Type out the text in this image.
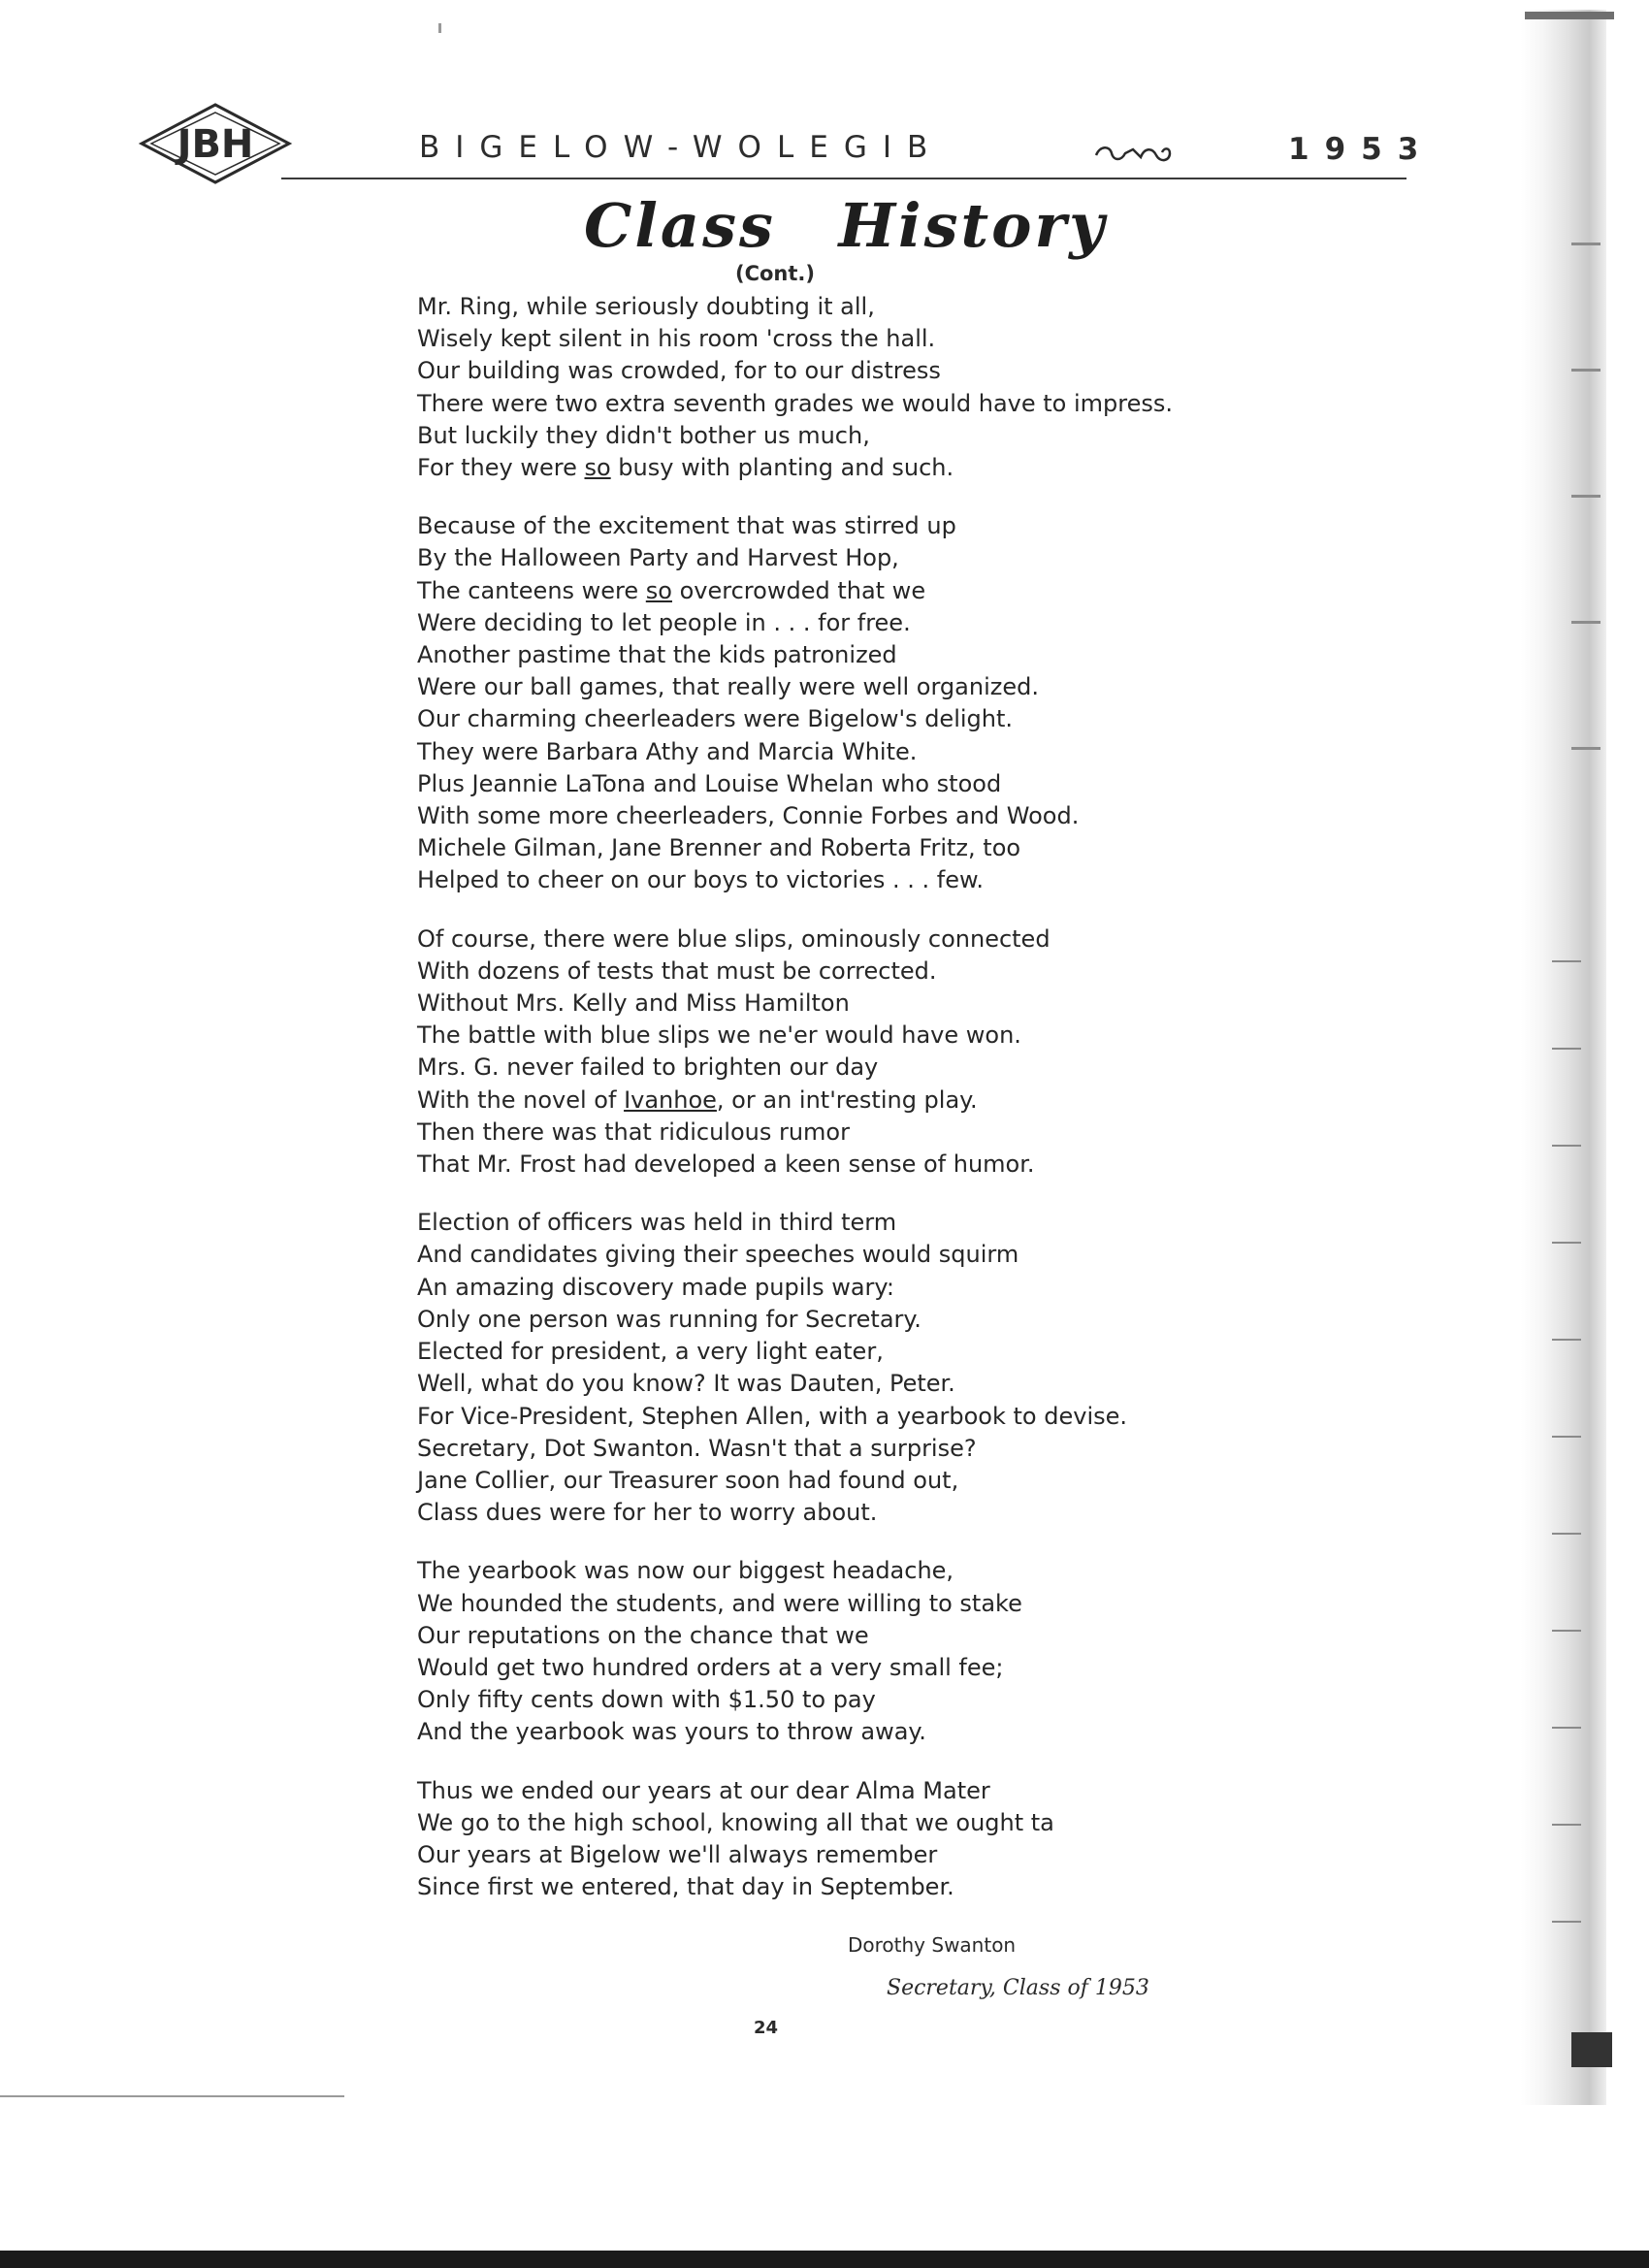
JBH	BIGELOW-WOLEGIB	1953
Class History
(Cont.)
Mr. Ring, while seriously doubting it all,
Wisely kept silent in his room 'cross the hall.
Our building was crowded, for to our distress
There were two extra seventh grades we would have to impress.
But luckily they didn't bother us much,
For they were so busy with planting and such.
Because of the excitement that was stirred up
By the Halloween Party and Harvest Hop,
The canteens were so overcrowded that we
Were deciding to let people in . . . for free.
Another pastime that the kids patronized
Were our ball games, that really were well organized.
Our charming cheerleaders were Bigelow's delight.
They were Barbara Athy and Marcia White.
Plus Jeannie LaTona and Louise Whelan who stood
With some more cheerleaders, Connie Forbes and Wood.
Michele Gilman, Jane Brenner and Roberta Fritz, too
Helped to cheer on our boys to victories . . . few.
Of course, there were blue slips, ominously connected
With dozens of tests that must be corrected.
Without Mrs. Kelly and Miss Hamilton
The battle with blue slips we ne'er would have won.
Mrs. G. never failed to brighten our day
With the novel of Ivanhoe, or an int'resting play.
Then there was that ridiculous rumor
That Mr. Frost had developed a keen sense of humor.
Election of officers was held in third term
And candidates giving their speeches would squirm
An amazing discovery made pupils wary:
Only one person was running for Secretary.
Elected for president, a very light eater,
Well, what do you know? It was Dauten, Peter.
For Vice-President, Stephen Allen, with a yearbook to devise.
Secretary, Dot Swanton. Wasn't that a surprise?
Jane Collier, our Treasurer soon had found out,
Class dues were for her to worry about.
The yearbook was now our biggest headache,
We hounded the students, and were willing to stake
Our reputations on the chance that we
Would get two hundred orders at a very small fee;
Only fifty cents down with $1.50 to pay
And the yearbook was yours to throw away.
Thus we ended our years at our dear Alma Mater
We go to the high school, knowing all that we ought ta
Our years at Bigelow we'll always remember
Since first we entered, that day in September.
Dorothy Swanton
Secretary, Class of 1953
24
